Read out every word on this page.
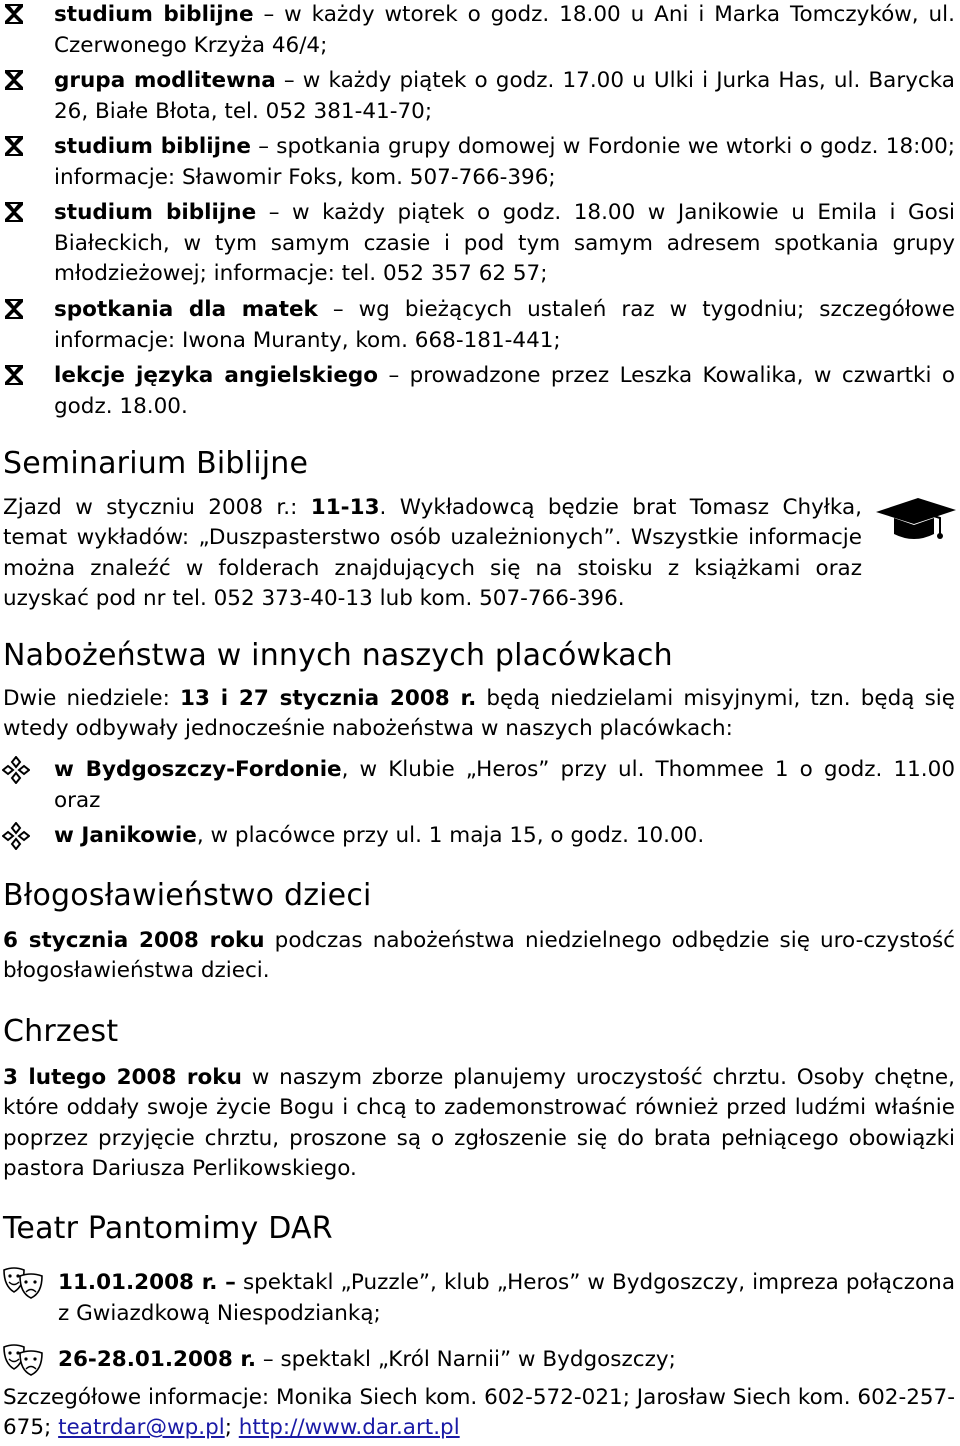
studium biblijne – w każdy wtorek o godz. 18.00 u Ani i Marka Tomczyków, ul. Czerwonego Krzyża 46/4;
grupa modlitewna – w każdy piątek o godz. 17.00 u Ulki i Jurka Has, ul. Barycka 26, Białe Błota, tel. 052 381-41-70;
studium biblijne – spotkania grupy domowej w Fordonie we wtorki o godz. 18:00; informacje: Sławomir Foks, kom. 507-766-396;
studium biblijne – w każdy piątek o godz. 18.00 w Janikowie u Emila i Gosi Białeckich, w tym samym czasie i pod tym samym adresem spotkania grupy młodzieżowej; informacje: tel. 052 357 62 57;
spotkania dla matek – wg bieżących ustaleń raz w tygodniu; szczegółowe informacje: Iwona Muranty, kom. 668-181-441;
lekcje języka angielskiego – prowadzone przez Leszka Kowalika, w czwartki o godz. 18.00.
Seminarium Biblijne
Zjazd w styczniu 2008 r.: 11-13. Wykładowcą będzie brat Tomasz Chyłka, temat wykładów: „Duszpasterstwo osób uzależnionych”. Wszystkie informacje można znaleźć w folderach znajdujących się na stoisku z książkami oraz uzyskać pod nr tel. 052 373-40-13 lub kom. 507-766-396.
Nabożeństwa w innych naszych placówkach
Dwie niedziele: 13 i 27 stycznia 2008 r. będą niedzielami misyjnymi, tzn. będą się wtedy odbywały jednocześnie nabożeństwa w naszych placówkach:
w Bydgoszczy-Fordonie, w Klubie „Heros” przy ul. Thommee 1 o godz. 11.00 oraz
w Janikowie, w placówce przy ul. 1 maja 15, o godz. 10.00.
Błogosławieństwo dzieci
6 stycznia 2008 roku podczas nabożeństwa niedzielnego odbędzie się uro-czystość błogosławieństwa dzieci.
Chrzest
3 lutego 2008 roku w naszym zborze planujemy uroczystość chrztu. Osoby chętne, które oddały swoje życie Bogu i chcą to zademonstrować również przed ludźmi właśnie poprzez przyjęcie chrztu, proszone są o zgłoszenie się do brata pełniącego obowiązki pastora Dariusza Perlikowskiego.
Teatr Pantomimy DAR
11.01.2008 r. – spektakl „Puzzle”, klub „Heros” w Bydgoszczy, impreza połączona z Gwiazdkową Niespodzianką;
26-28.01.2008 r. – spektakl „Król Narnii” w Bydgoszczy;
Szczegółowe informacje: Monika Siech kom. 602-572-021; Jarosław Siech kom. 602-257-675; teatrdar@wp.pl; http://www.dar.art.pl
